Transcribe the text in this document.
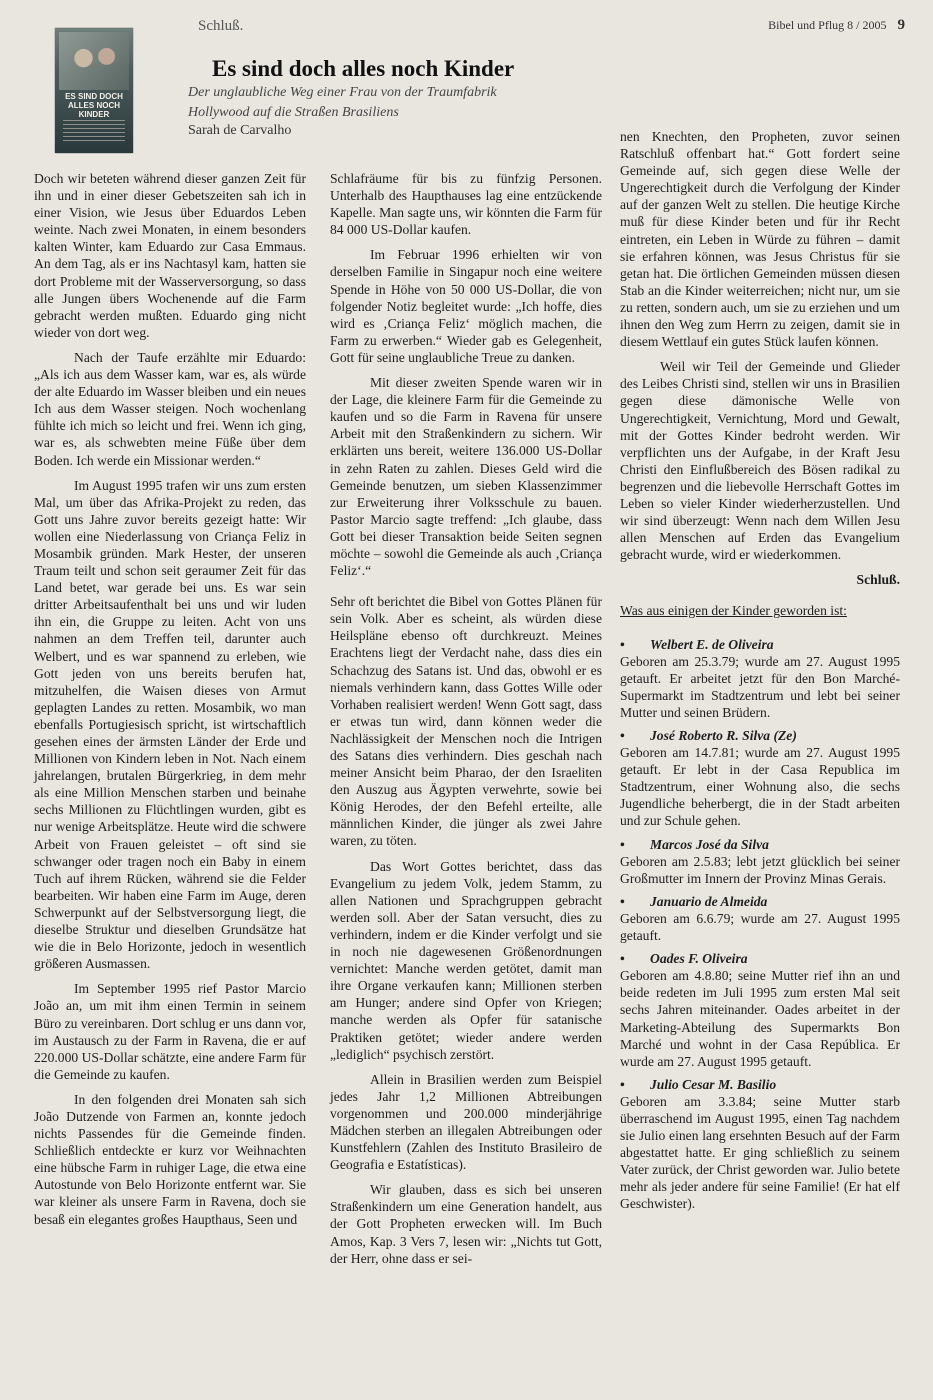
Schluß.	Bibel und Pflug 8 / 2005 9
ES SIND DOCH ALLES NOCH KINDER
Es sind doch alles noch Kinder
Der unglaubliche Weg einer Frau von der Traumfabrik
Hollywood auf die Straßen Brasiliens
Sarah de Carvalho

Doch wir beteten während dieser ganzen Zeit für ihn und in einer dieser Gebetszeiten sah ich in einer Vision, wie Jesus über Eduardos Leben weinte. Nach zwei Monaten, in einem besonders kalten Winter, kam Eduardo zur Casa Emmaus. An dem Tag, als er ins Nachtasyl kam, hatten sie dort Probleme mit der Wasserversorgung, so dass alle Jungen übers Wochenende auf die Farm gebracht werden mußten. Eduardo ging nicht wieder von dort weg.

Nach der Taufe erzählte mir Eduardo: „Als ich aus dem Wasser kam, war es, als würde der alte Eduardo im Wasser bleiben und ein neues Ich aus dem Wasser steigen. Noch wochenlang fühlte ich mich so leicht und frei. Wenn ich ging, war es, als schwebten meine Füße über dem Boden. Ich werde ein Missionar werden.“

Im August 1995 trafen wir uns zum ersten Mal, um über das Afrika-Projekt zu reden, das Gott uns Jahre zuvor bereits gezeigt hatte: Wir wollen eine Niederlassung von Criança Feliz in Mosambik gründen. Mark Hester, der unseren Traum teilt und schon seit geraumer Zeit für das Land betet, war gerade bei uns. Es war sein dritter Arbeitsaufenthalt bei uns und wir luden ihn ein, die Gruppe zu leiten. Acht von uns nahmen an dem Treffen teil, darunter auch Welbert, und es war spannend zu erleben, wie Gott jeden von uns bereits berufen hat, mitzuhelfen, die Waisen dieses von Armut geplagten Landes zu retten. Mosambik, wo man ebenfalls Portugiesisch spricht, ist wirtschaftlich gesehen eines der ärmsten Länder der Erde und Millionen von Kindern leben in Not. Nach einem jahrelangen, brutalen Bürgerkrieg, in dem mehr als eine Million Menschen starben und beinahe sechs Millionen zu Flüchtlingen wurden, gibt es nur wenige Arbeitsplätze. Heute wird die schwere Arbeit von Frauen geleistet – oft sind sie schwanger oder tragen noch ein Baby in einem Tuch auf ihrem Rücken, während sie die Felder bearbeiten. Wir haben eine Farm im Auge, deren Schwerpunkt auf der Selbstversorgung liegt, die dieselbe Struktur und dieselben Grundsätze hat wie die in Belo Horizonte, jedoch in wesentlich größeren Ausmassen.

Im September 1995 rief Pastor Marcio João an, um mit ihm einen Termin in seinem Büro zu vereinbaren. Dort schlug er uns dann vor, im Austausch zu der Farm in Ravena, die er auf 220.000 US-Dollar schätzte, eine andere Farm für die Gemeinde zu kaufen.

In den folgenden drei Monaten sah sich João Dutzende von Farmen an, konnte jedoch nichts Passendes für die Gemeinde finden. Schließlich entdeckte er kurz vor Weihnachten eine hübsche Farm in ruhiger Lage, die etwa eine Autostunde von Belo Horizonte entfernt war. Sie war kleiner als unsere Farm in Ravena, doch sie besaß ein elegantes großes Haupthaus, Seen und

Schlafräume für bis zu fünfzig Personen. Unterhalb des Haupthauses lag eine entzückende Kapelle. Man sagte uns, wir könnten die Farm für 84 000 US-Dollar kaufen.

Im Februar 1996 erhielten wir von derselben Familie in Singapur noch eine weitere Spende in Höhe von 50 000 US-Dollar, die von folgender Notiz begleitet wurde: „Ich hoffe, dies wird es ‚Criança Feliz‘ möglich machen, die Farm zu erwerben.“ Wieder gab es Gelegenheit, Gott für seine unglaubliche Treue zu danken.

Mit dieser zweiten Spende waren wir in der Lage, die kleinere Farm für die Gemeinde zu kaufen und so die Farm in Ravena für unsere Arbeit mit den Straßenkindern zu sichern. Wir erklärten uns bereit, weitere 136.000 US-Dollar in zehn Raten zu zahlen. Dieses Geld wird die Gemeinde benutzen, um sieben Klassenzimmer zur Erweiterung ihrer Volksschule zu bauen. Pastor Marcio sagte treffend: „Ich glaube, dass Gott bei dieser Transaktion beide Seiten segnen möchte – sowohl die Gemeinde als auch ‚Criança Feliz‘.“

Sehr oft berichtet die Bibel von Gottes Plänen für sein Volk. Aber es scheint, als würden diese Heilspläne ebenso oft durchkreuzt. Meines Erachtens liegt der Verdacht nahe, dass dies ein Schachzug des Satans ist. Und das, obwohl er es niemals verhindern kann, dass Gottes Wille oder Vorhaben realisiert werden! Wenn Gott sagt, dass er etwas tun wird, dann können weder die Nachlässigkeit der Menschen noch die Intrigen des Satans dies verhindern. Dies geschah nach meiner Ansicht beim Pharao, der den Israeliten den Auszug aus Ägypten verwehrte, sowie bei König Herodes, der den Befehl erteilte, alle männlichen Kinder, die jünger als zwei Jahre waren, zu töten.

Das Wort Gottes berichtet, dass das Evangelium zu jedem Volk, jedem Stamm, zu allen Nationen und Sprachgruppen gebracht werden soll. Aber der Satan versucht, dies zu verhindern, indem er die Kinder verfolgt und sie in noch nie dagewesenen Größenordnungen vernichtet: Manche werden getötet, damit man ihre Organe verkaufen kann; Millionen sterben am Hunger; andere sind Opfer von Kriegen; manche werden als Opfer für satanische Praktiken getötet; wieder andere werden „lediglich“ psychisch zerstört.

Allein in Brasilien werden zum Beispiel jedes Jahr 1,2 Millionen Abtreibungen vorgenommen und 200.000 minderjährige Mädchen sterben an illegalen Abtreibungen oder Kunstfehlern (Zahlen des Instituto Brasileiro de Geografia e Estatísticas).

Wir glauben, dass es sich bei unseren Straßenkindern um eine Generation handelt, aus der Gott Propheten erwecken will. Im Buch Amos, Kap. 3 Vers 7, lesen wir: „Nichts tut Gott, der Herr, ohne dass er sei-

nen Knechten, den Propheten, zuvor seinen Ratschluß offenbart hat.“ Gott fordert seine Gemeinde auf, sich gegen diese Welle der Ungerechtigkeit durch die Verfolgung der Kinder auf der ganzen Welt zu stellen. Die heutige Kirche muß für diese Kinder beten und für ihr Recht eintreten, ein Leben in Würde zu führen – damit sie erfahren können, was Jesus Christus für sie getan hat. Die örtlichen Gemeinden müssen diesen Stab an die Kinder weiterreichen; nicht nur, um sie zu retten, sondern auch, um sie zu erziehen und um ihnen den Weg zum Herrn zu zeigen, damit sie in diesem Wettlauf ein gutes Stück laufen können.

Weil wir Teil der Gemeinde und Glieder des Leibes Christi sind, stellen wir uns in Brasilien gegen diese dämonische Welle von Ungerechtigkeit, Vernichtung, Mord und Gewalt, mit der Gottes Kinder bedroht werden. Wir verpflichten uns der Aufgabe, in der Kraft Jesu Christi den Einflußbereich des Bösen radikal zu begrenzen und die liebevolle Herrschaft Gottes im Leben so vieler Kinder wiederherzustellen. Und wir sind überzeugt: Wenn nach dem Willen Jesu allen Menschen auf Erden das Evangelium gebracht wurde, wird er wiederkommen.

Schluß.
Was aus einigen der Kinder geworden ist:
• Welbert E. de Oliveira
Geboren am 25.3.79; wurde am 27. August 1995 getauft. Er arbeitet jetzt für den Bon Marché-Supermarkt im Stadtzentrum und lebt bei seiner Mutter und seinen Brüdern.
• José Roberto R. Silva (Ze)
Geboren am 14.7.81; wurde am 27. August 1995 getauft. Er lebt in der Casa Republica im Stadtzentrum, einer Wohnung also, die sechs Jugendliche beherbergt, die in der Stadt arbeiten und zur Schule gehen.
• Marcos José da Silva
Geboren am 2.5.83; lebt jetzt glücklich bei seiner Großmutter im Innern der Provinz Minas Gerais.
• Januario de Almeida
Geboren am 6.6.79; wurde am 27. August 1995 getauft.
• Oades F. Oliveira
Geboren am 4.8.80; seine Mutter rief ihn an und beide redeten im Juli 1995 zum ersten Mal seit sechs Jahren miteinander. Oades arbeitet in der Marketing-Abteilung des Supermarkts Bon Marché und wohnt in der Casa República. Er wurde am 27. August 1995 getauft.
• Julio Cesar M. Basilio
Geboren am 3.3.84; seine Mutter starb überraschend im August 1995, einen Tag nachdem sie Julio einen lang ersehnten Besuch auf der Farm abgestattet hatte. Er ging schließlich zu seinem Vater zurück, der Christ geworden war. Julio betete mehr als jeder andere für seine Familie! (Er hat elf Geschwister).
